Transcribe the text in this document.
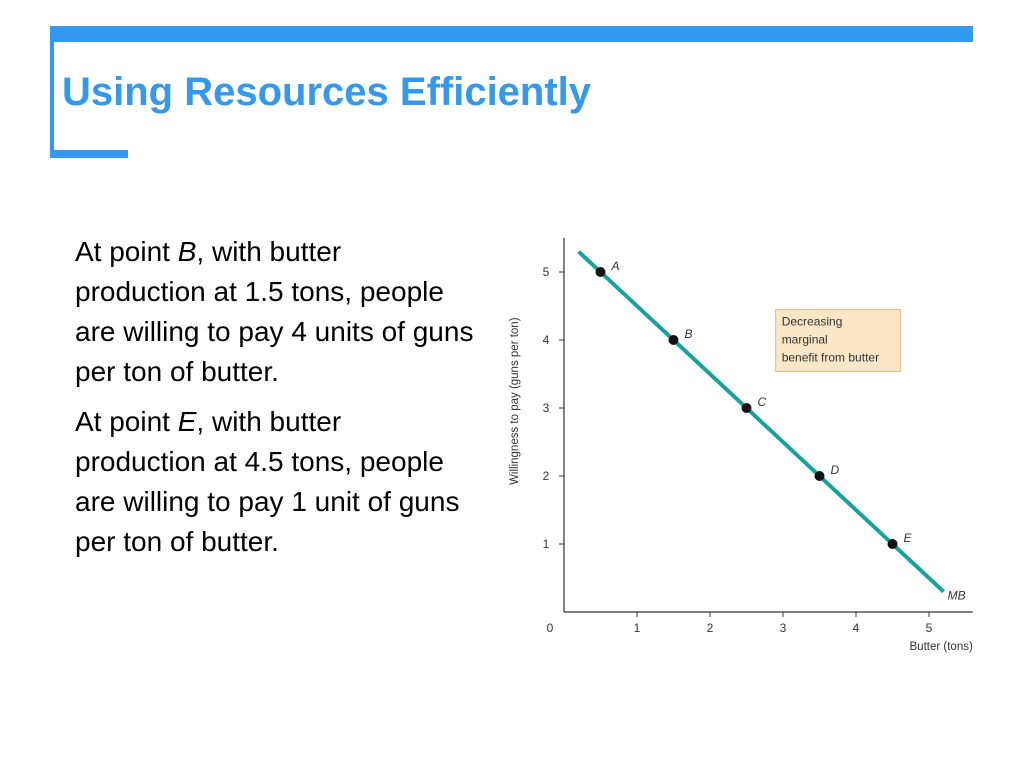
Using Resources Efficiently

At point B, with butter production at 1.5 tons, people are willing to pay 4 units of guns per ton of butter.

At point E, with butter production at 4.5 tons, people are willing to pay 1 unit of guns per ton of butter.

0	1	2	3	4	5
1
2
3
4
5
Butter (tons)
Willingness to pay (guns per ton)
MB
A
B
C
D
E
Decreasing
marginal
benefit from butter
